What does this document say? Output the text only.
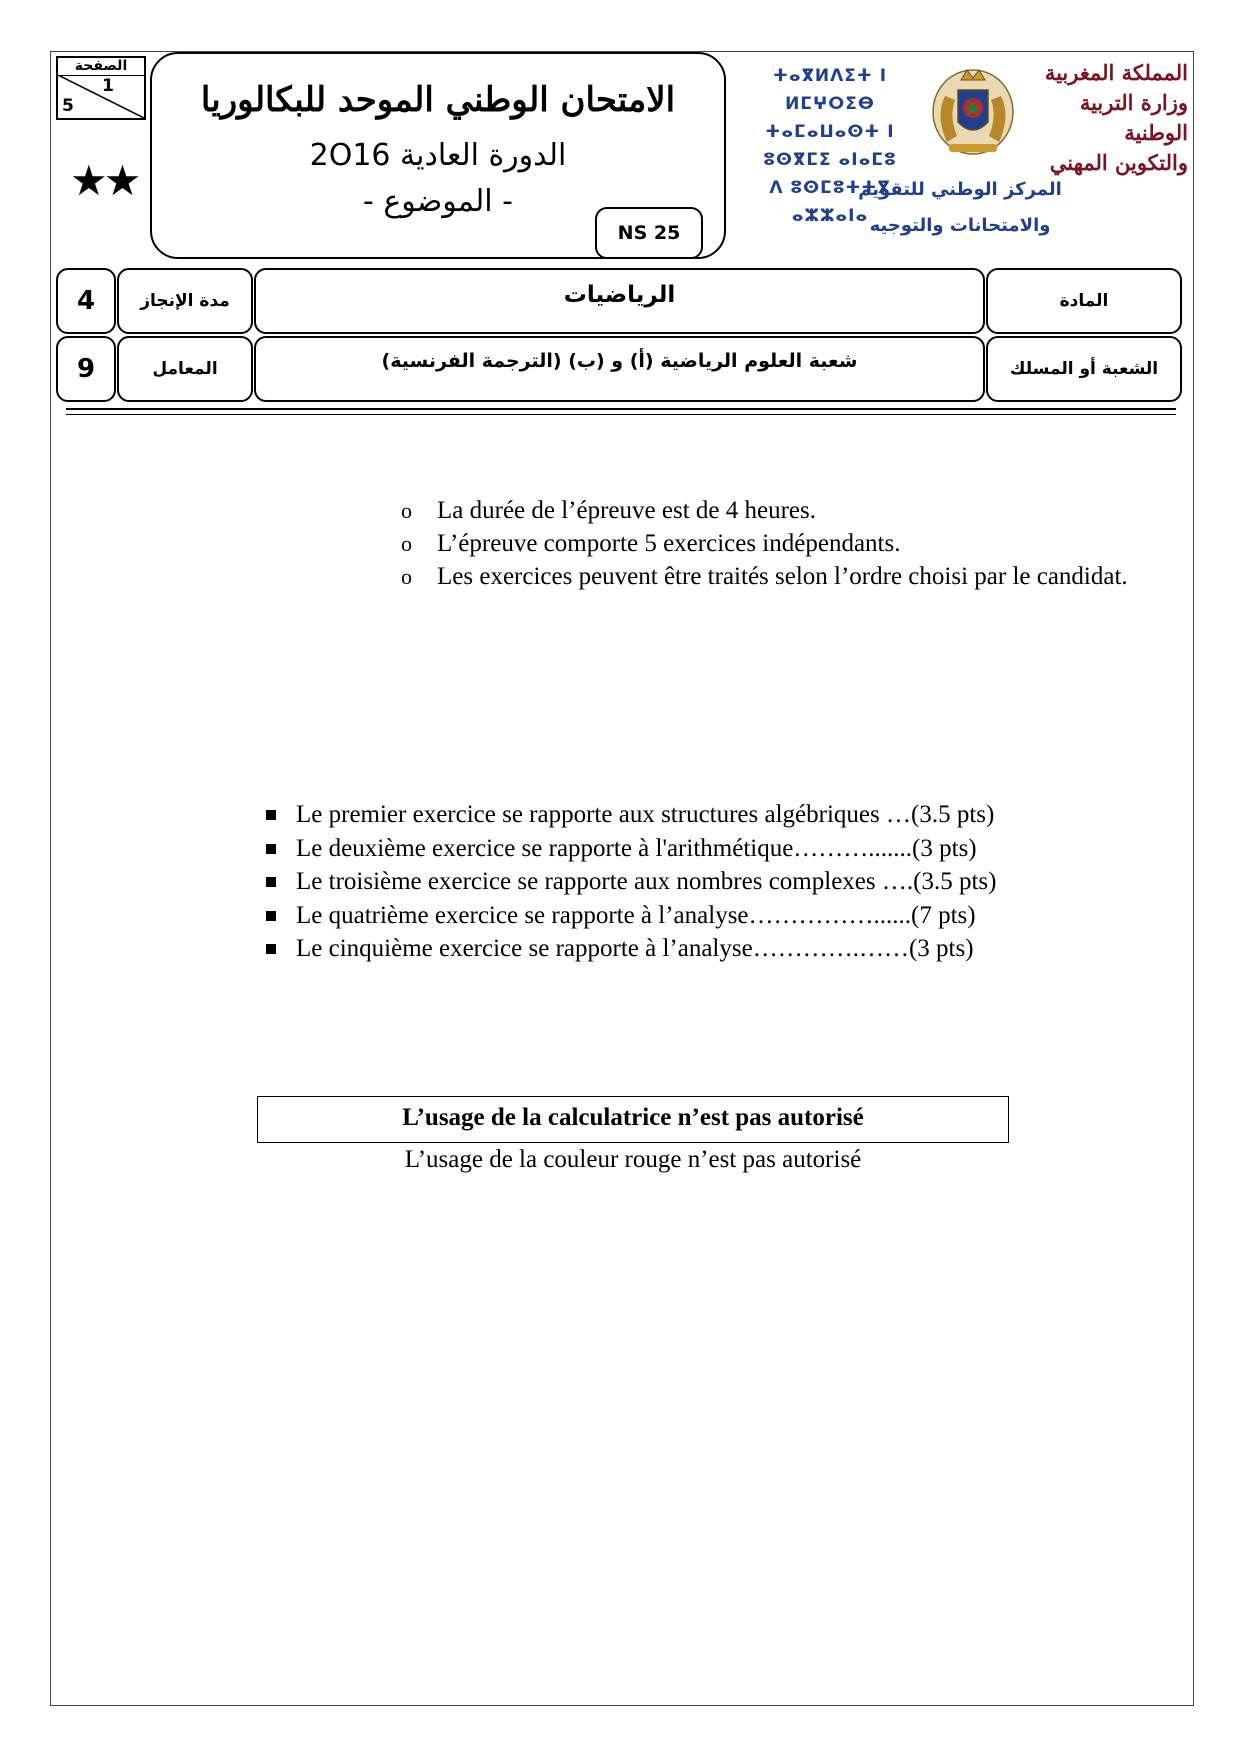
الصفحة
1
5
★★
الامتحان الوطني الموحد للبكالوريا
الدورة العادية 2O16
- الموضوع -
NS 25
ⵜⴰⴳⵍⴷⵉⵜ ⵏ ⵍⵎⵖⵔⵉⴱ
ⵜⴰⵎⴰⵡⴰⵙⵜ ⵏ ⵓⵙⴳⵎⵉ ⴰⵏⴰⵎⵓ
ⴷ ⵓⵙⵎⵓⵜⵜⴳ ⴰⵣⵣⴰⵏⴰ
المملكة المغربية
وزارة التربية الوطنية
والتكوين المهني
المركز الوطني للتقويم
والامتحانات والتوجيه
4	مدة الإنجاز	الرياضيات	المادة
9	المعامل	شعبة العلوم الرياضية (أ) و (ب) (الترجمة الفرنسية)	الشعبة أو المسلك
o La durée de l’épreuve est de 4 heures.
o L’épreuve comporte 5 exercices indépendants.
o Les exercices peuvent être traités selon l’ordre choisi par le candidat.
Le premier exercice se rapporte aux structures algébriques …(3.5 pts)
Le deuxième exercice se rapporte à l'arithmétique……….......(3 pts)
Le troisième exercice se rapporte aux nombres complexes ….(3.5 pts)
Le quatrième exercice se rapporte à l’analyse……………......(7 pts)
Le cinquième exercice se rapporte à l’analyse………….……(3 pts)
L’usage de la calculatrice n’est pas autorisé
L’usage de la couleur rouge n’est pas autorisé
